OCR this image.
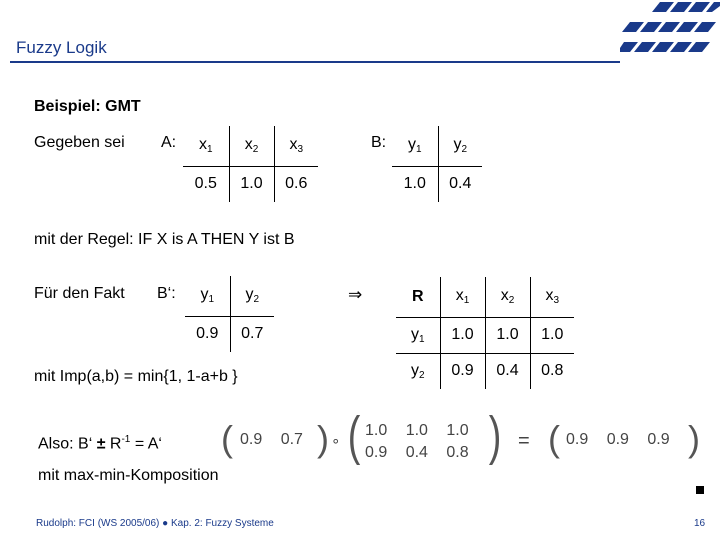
Fuzzy Logik
Beispiel: GMT
Gegeben sei A: $x_1$	$x_2$	$x_3$
0.5	1.0	0.6
B: $y_1$	$y_2$
1.0	0.4
mit der Regel: IF X is A THEN Y ist B
Für den Fakt B‘: $y_1$	$y_2$
0.9	0.7
⇒	R	$x_1$	$x_2$	$x_3$
$y_1$	1.0	1.0	1.0
$y_2$	0.9	0.4	0.8
mit Imp(a,b) = min{1, 1-a+b }
Also: B‘ ± $R^{-1}$ = A‘ ( 0.9 0.7 ) ∘ ( 1.0 1.0 1.0
0.9 0.4 0.8 ) = ( 0.9 0.9 0.9 )
mit max-min-Komposition
Rudolph: FCI (WS 2005/06) ● Kap. 2: Fuzzy Systeme	16
